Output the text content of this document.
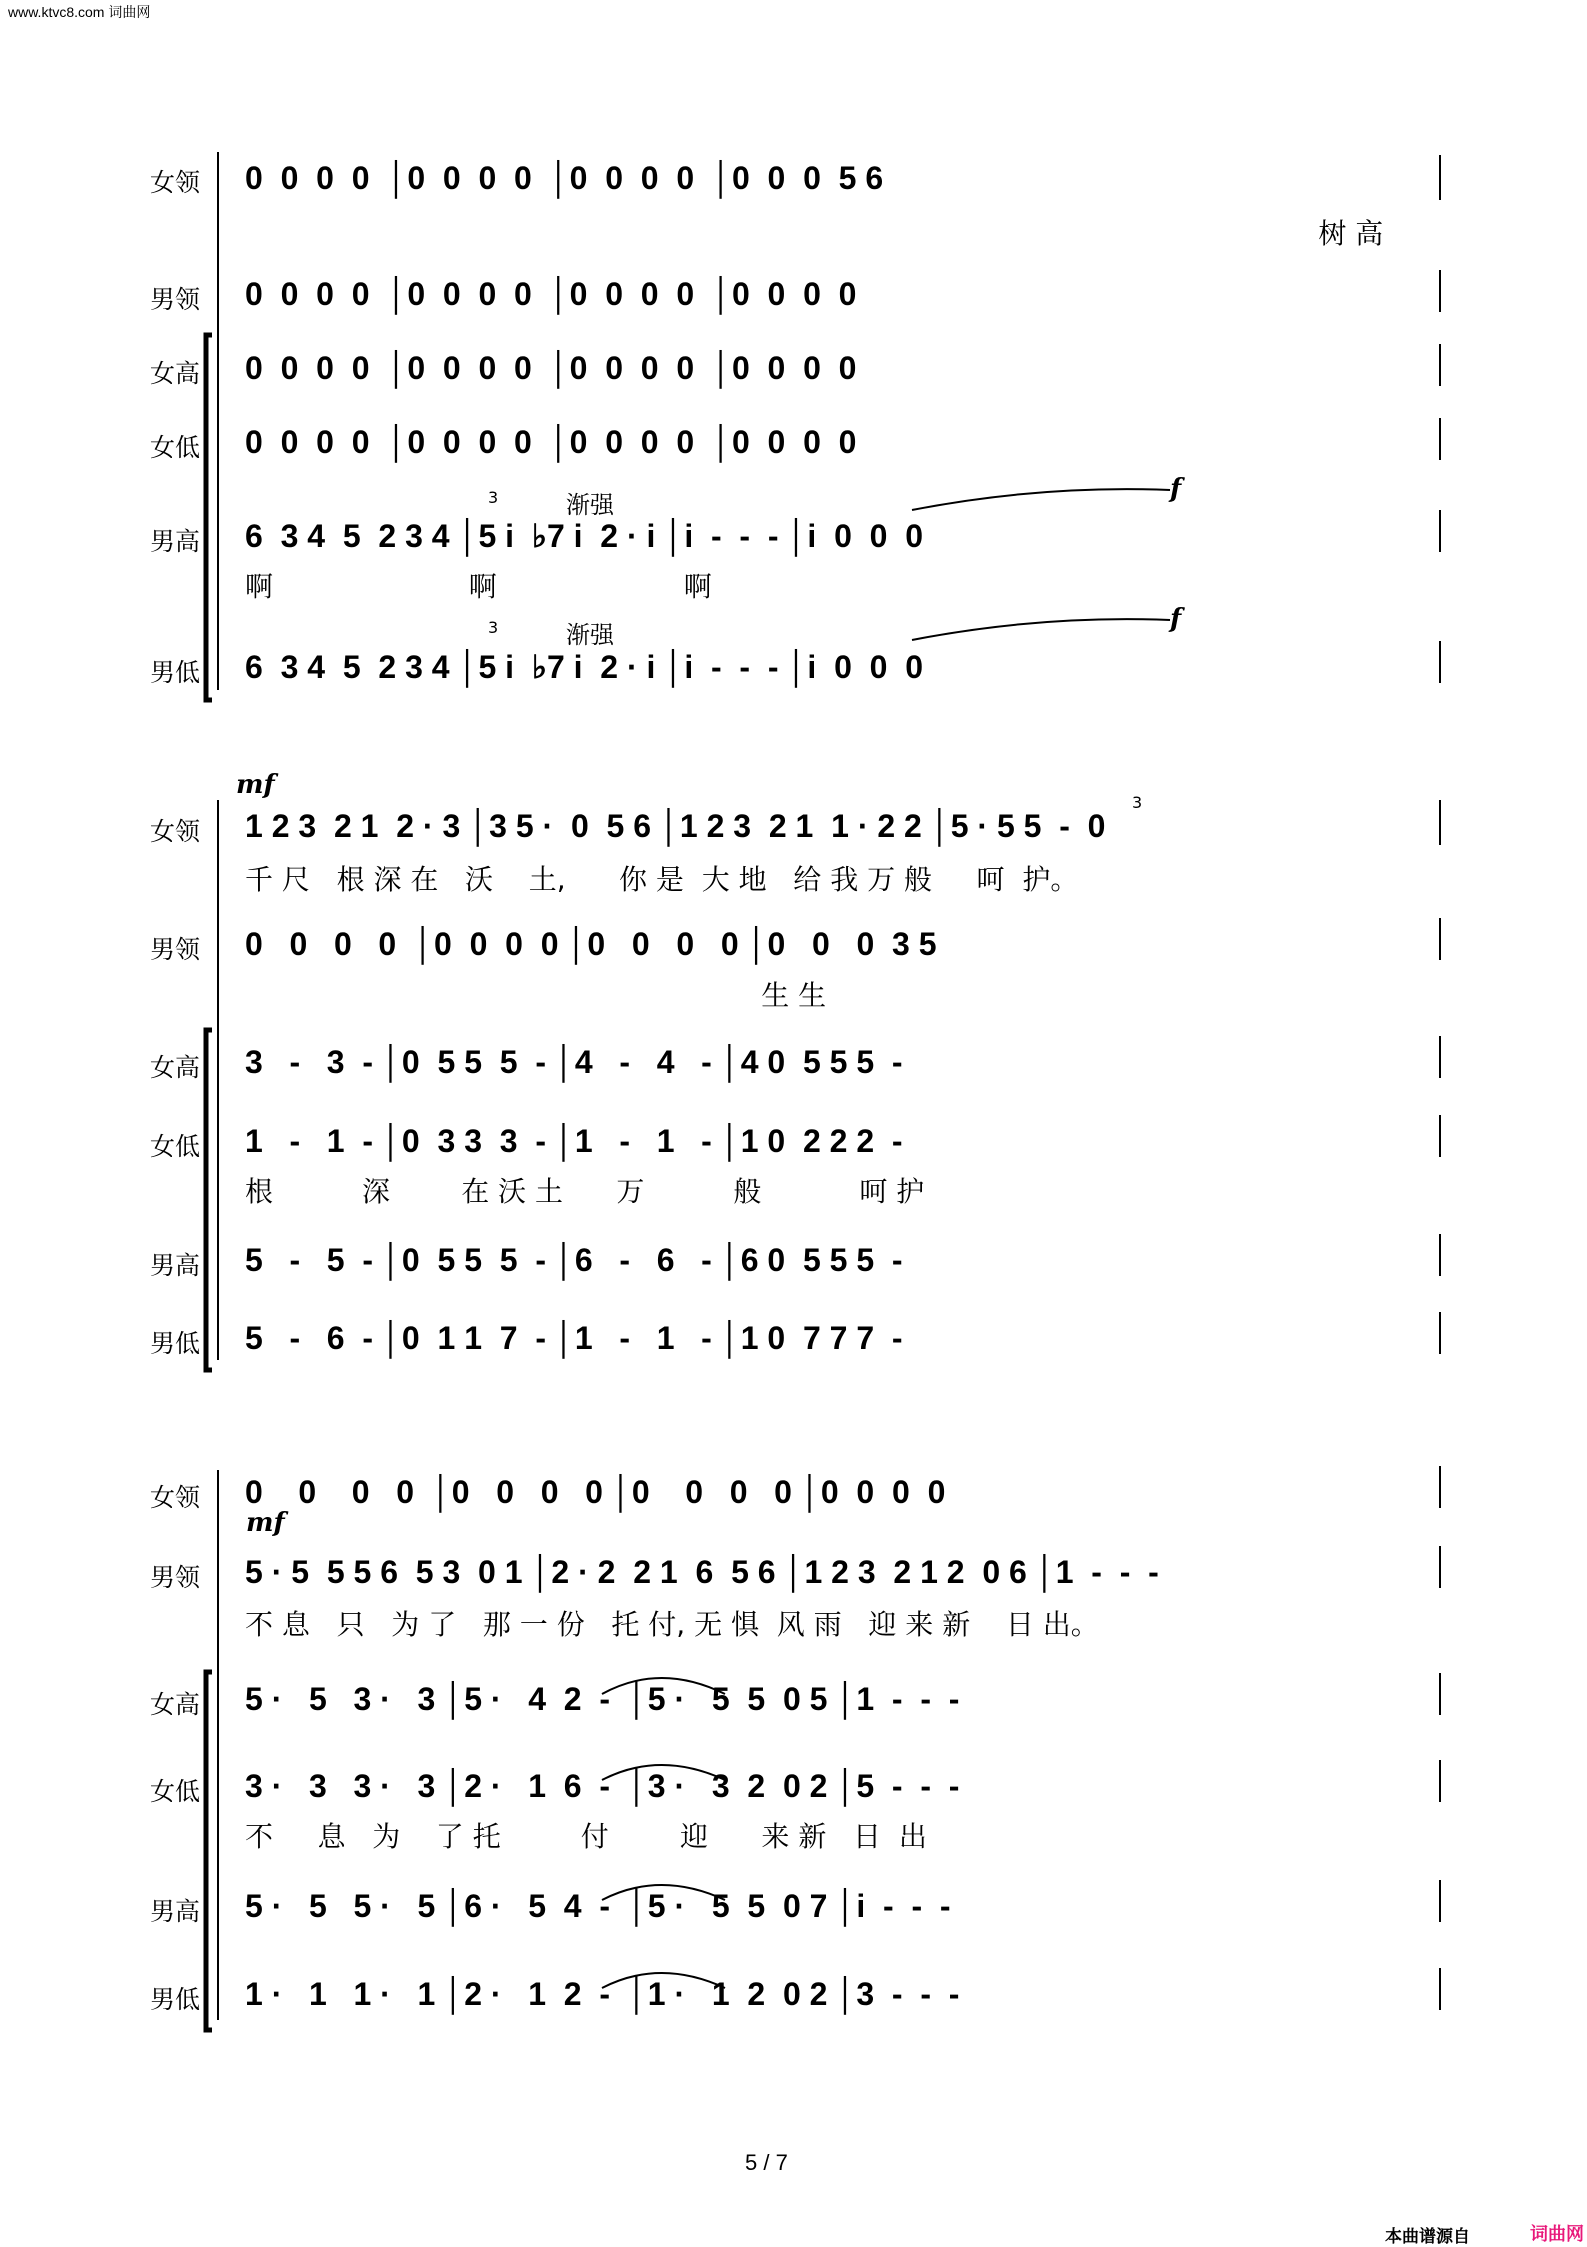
www.ktvc8.com 词曲网
女领
男领
女高
女低
男高
男低
0  0  0  0  │0  0  0  0  │0  0  0  0  │0  0  0  5 6
树 高
0  0  0  0  │0  0  0  0  │0  0  0  0  │0  0  0  0
0  0  0  0  │0  0  0  0  │0  0  0  0  │0  0  0  0
0  0  0  0  │0  0  0  0  │0  0  0  0  │0  0  0  0
6  3 4  5  2 3 4 │5 i  ♭7 i  2 · i │i  -  -  - │i  0  0  0
啊                      啊                     啊
6  3 4  5  2 3 4 │5 i  ♭7 i  2 · i │i  -  -  - │i  0  0  0
渐强
渐强
3
3
f
f
mf
3
女领
男领
女高
女低
男高
男低
1 2 3  2 1  2 · 3 │3 5 ·  0  5 6 │1 2 3  2 1  1 · 2 2 │5 · 5 5  -  0
千 尺   根 深 在   沃    土,      你 是  大 地   给 我 万 般     呵  护。
0   0   0   0  │0  0  0  0 │0   0   0   0 │0   0   0  3 5
生 生
3   -   3  - │0  5 5  5  - │4   -   4   - │4 0  5 5 5  -
1   -   1  - │0  3 3  3  - │1   -   1   - │1 0  2 2 2  -
根          深        在 沃 土      万          般           呵 护
5   -   5  - │0  5 5  5  - │6   -   6   - │6 0  5 5 5  -
5   -   6  - │0  1 1  7  - │1   -   1   - │1 0  7 7 7  -
女领
男领
女高
女低
男高
男低
mf
0    0    0   0  │0   0   0   0 │0    0   0   0 │0  0  0  0
5 · 5  5 5 6  5 3  0 1 │2 · 2  2 1  6  5 6 │1 2 3  2 1 2  0 6 │1  -  -  -
不 息   只   为 了   那 一 份   托 付, 无 惧  风 雨   迎 来 新    日 出。
5 ·   5   3 ·   3 │5 ·   4  2  -  │5 ·   5  5  0 5 │1  -  -  -
3 ·   3   3 ·   3 │2 ·   1  6  -  │3 ·   3  2  0 2 │5  -  -  -
不     息   为    了 托         付        迎      来 新   日  出
5 ·   5   5 ·   5 │6 ·   5  4  -  │5 ·   5  5  0 7 │i  -  -  -
1 ·   1   1 ·   1 │2 ·   1  2  -  │1 ·   1  2  0 2 │3  -  -  -
5 / 7
本曲谱源自	词曲网
